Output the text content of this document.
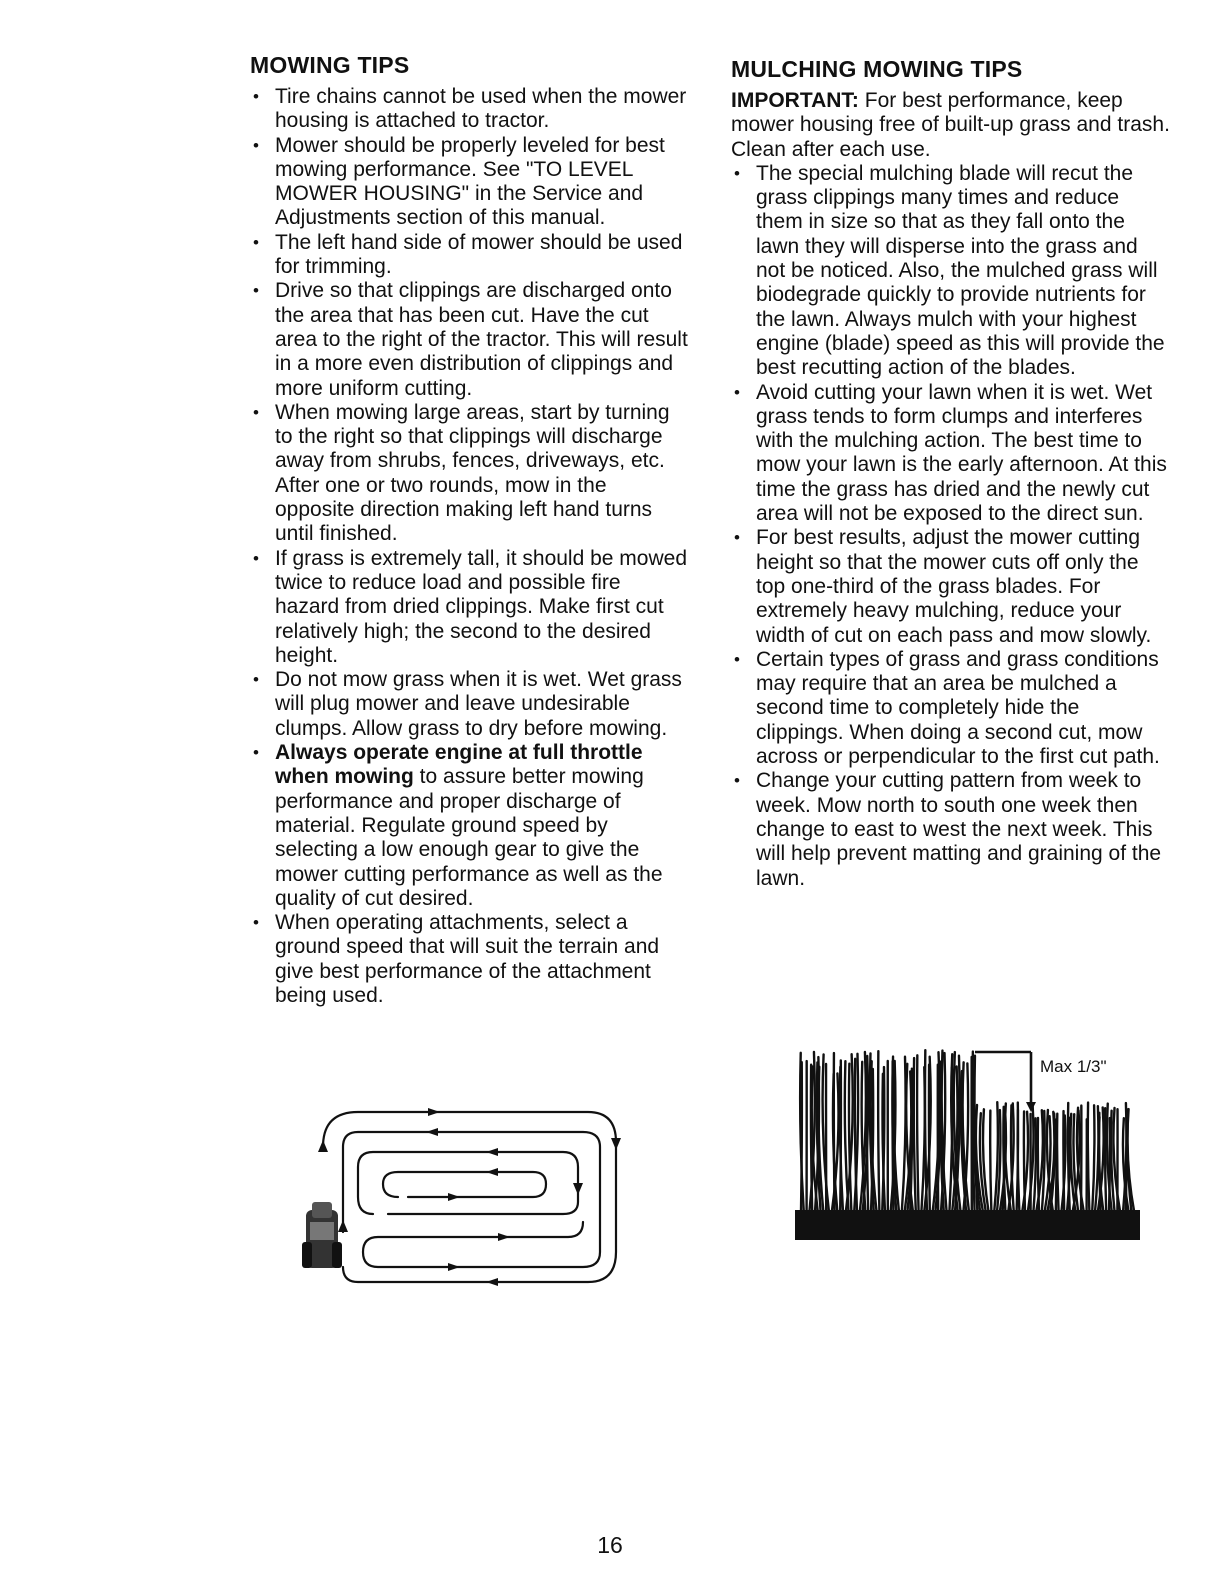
MOWING TIPS
• Tire chains cannot be used when the mower housing is attached to tractor.
• Mower should be properly leveled for best mowing performance. See "TO LEVEL MOWER HOUSING" in the Service and Adjustments section of this manual.
• The left hand side of mower should be used for trimming.
• Drive so that clippings are discharged onto the area that has been cut. Have the cut area to the right of the tractor. This will result in a more even distribution of clippings and more uniform cutting.
• When mowing large areas, start by turning to the right so that clippings will discharge away from shrubs, fences, driveways, etc. After one or two rounds, mow in the opposite direction making left hand turns until finished.
• If grass is extremely tall, it should be mowed twice to reduce load and possible fire hazard from dried clippings. Make first cut relatively high; the second to the desired height.
• Do not mow grass when it is wet. Wet grass will plug mower and leave undesirable clumps. Allow grass to dry before mowing.
• Always operate engine at full throttle when mowing to assure better mowing performance and proper discharge of material. Regulate ground speed by selecting a low enough gear to give the mower cutting performance as well as the quality of cut desired.
• When operating attachments, select a ground speed that will suit the terrain and give best performance of the attachment being used.
MULCHING MOWING TIPS

IMPORTANT: For best performance, keep mower housing free of built-up grass and trash. Clean after each use.

• The special mulching blade will recut the grass clippings many times and reduce them in size so that as they fall onto the lawn they will disperse into the grass and not be noticed. Also, the mulched grass will biodegrade quickly to provide nutrients for the lawn. Always mulch with your highest engine (blade) speed as this will provide the best recutting action of the blades.
• Avoid cutting your lawn when it is wet. Wet grass tends to form clumps and interferes with the mulching action. The best time to mow your lawn is the early afternoon. At this time the grass has dried and the newly cut area will not be exposed to the direct sun.
• For best results, adjust the mower cutting height so that the mower cuts off only the top one-third of the grass blades. For extremely heavy mulching, reduce your width of cut on each pass and mow slowly.
• Certain types of grass and grass conditions may require that an area be mulched a second time to completely hide the clippings. When doing a second cut, mow across or perpendicular to the first cut path.
• Change your cutting pattern from week to week. Mow north to south one week then change to east to west the next week. This will help prevent matting and graining of the lawn.
Max 1/3"
16
